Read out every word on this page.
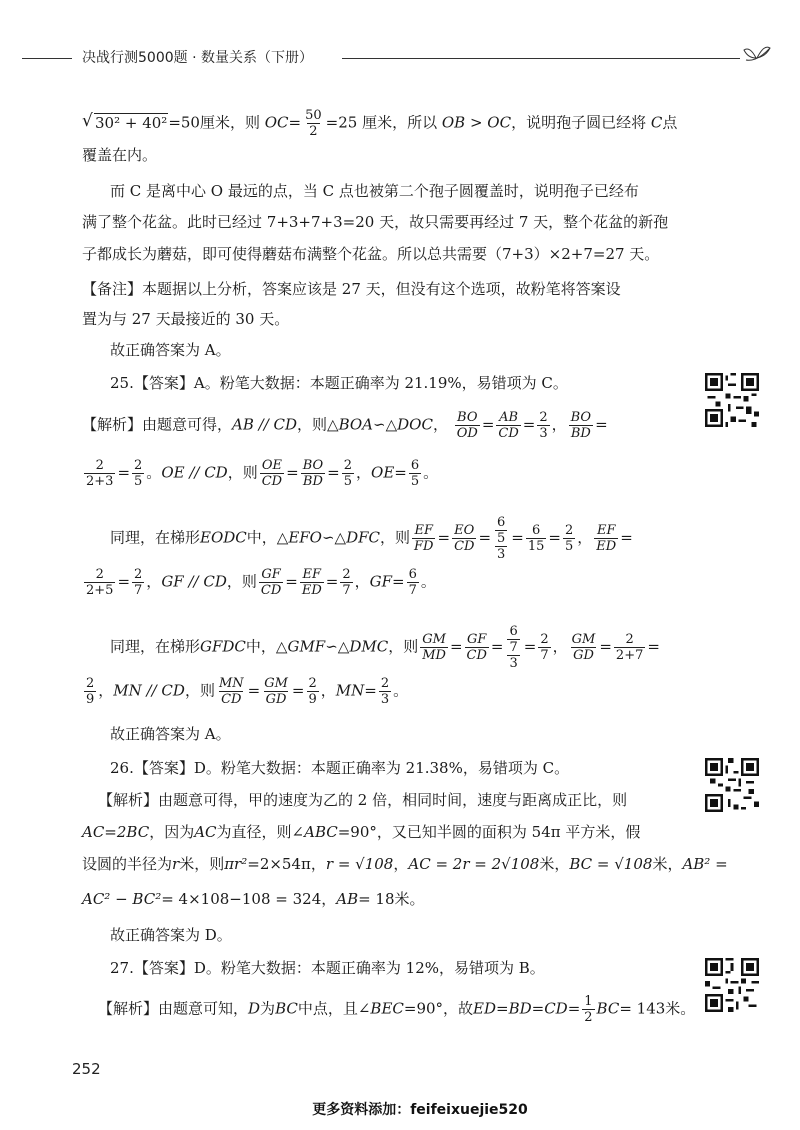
决战行测5000题 · 数量关系（下册）
√ 30² + 40²=50厘米，则 $OC= \frac{50}{2} =25$ 厘米，所以 OB > OC，说明孢子圆已经将 C点
覆盖在内。
而 C 是离中心 O 最远的点，当 C 点也被第二个孢子圆覆盖时，说明孢子已经布
满了整个花盆。此时已经过 7+3+7+3=20 天，故只需要再经过 7 天，整个花盆的新孢
子都成长为蘑菇，即可使得蘑菇布满整个花盆。所以总共需要（7+3）×2+7=27 天。
【备注】本题据以上分析，答案应该是 27 天，但没有这个选项，故粉笔将答案设
置为与 27 天最接近的 30 天。
故正确答案为 A。
25.【答案】A。粉笔大数据：本题正确率为 21.19%，易错项为 C。
【解析】由题意可得，AB // CD，则△BOA∽△DOC， $\frac{BO}{OD} = \frac{AB}{CD} = \frac{2}{3}$ ， $\frac{BO}{BD}$ =
$\frac{2}{2+3} = \frac{2}{5}$ 。OE // CD，则 $\frac{OE}{CD} = \frac{BO}{BD} = \frac{2}{5}$ ，$OE= \frac{6}{5}$ 。
同理，在梯形EODC中，△EFO∽△DFC，则 $\frac{EF}{FD} = \frac{EO}{CD} = \frac{\frac{6}{5}}{3} = \frac{6}{15} = \frac{2}{5}$ ， $\frac{EF}{ED}$ =
$\frac{2}{2+5} = \frac{2}{7}$ ，GF // CD，则 $\frac{GF}{CD} = \frac{EF}{ED} = \frac{2}{7}$ ，$GF= \frac{6}{7}$ 。
同理，在梯形GFDC中，△GMF∽△DMC，则 $\frac{GM}{MD} = \frac{GF}{CD} = \frac{\frac{6}{7}}{3} = \frac{2}{7}$ ， $\frac{GM}{GD} = \frac{2}{2+7}$ =
$\frac{2}{9}$ ，MN // CD，则 $\frac{MN}{CD} = \frac{GM}{GD} = \frac{2}{9}$ ，$MN= \frac{2}{3}$ 。
故正确答案为 A。
26.【答案】D。粉笔大数据：本题正确率为 21.38%，易错项为 C。
【解析】由题意可得，甲的速度为乙的 2 倍，相同时间，速度与距离成正比，则
AC=2BC，因为AC为直径，则∠ABC=90°，又已知半圆的面积为 54π 平方米，假
设圆的半径为r米，则πr²=2×54π，r = √108，AC = 2r = 2√108米，BC = √108米，AB² =
AC² − BC²= 4×108−108 = 324，AB= 18米。
故正确答案为 D。
27.【答案】D。粉笔大数据：本题正确率为 12%，易错项为 B。
【解析】由题意可知，D为BC中点，且∠BEC=90°，故$ED=BD=CD= \frac{1}{2} BC= 143$米。
252
更多资料添加：feifeixuejie520
